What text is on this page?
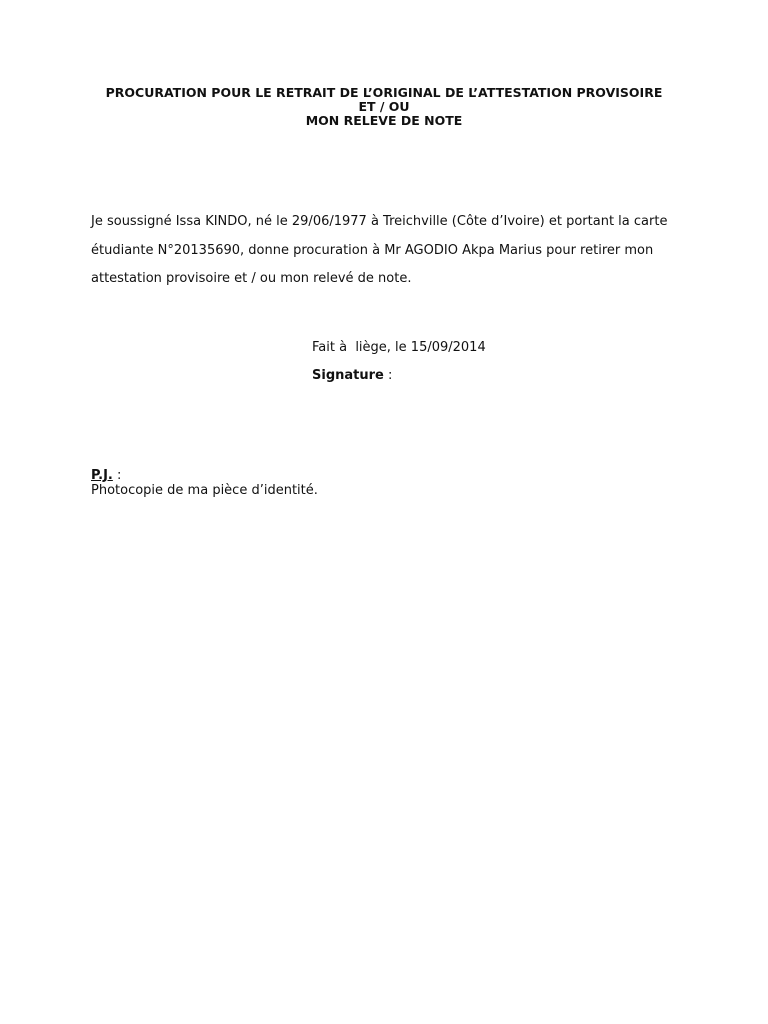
PROCURATION POUR LE RETRAIT DE L’ORIGINAL DE L’ATTESTATION PROVISOIRE
ET / OU
MON RELEVE DE NOTE
Je soussigné Issa KINDO, né le 29/06/1977 à Treichville (Côte d’Ivoire) et portant la carte
étudiante N°20135690, donne procuration à Mr AGODIO Akpa Marius pour retirer mon
attestation provisoire et / ou mon relevé de note.
Fait à  liège, le 15/09/2014
Signature :
P.J. :
Photocopie de ma pièce d’identité.
